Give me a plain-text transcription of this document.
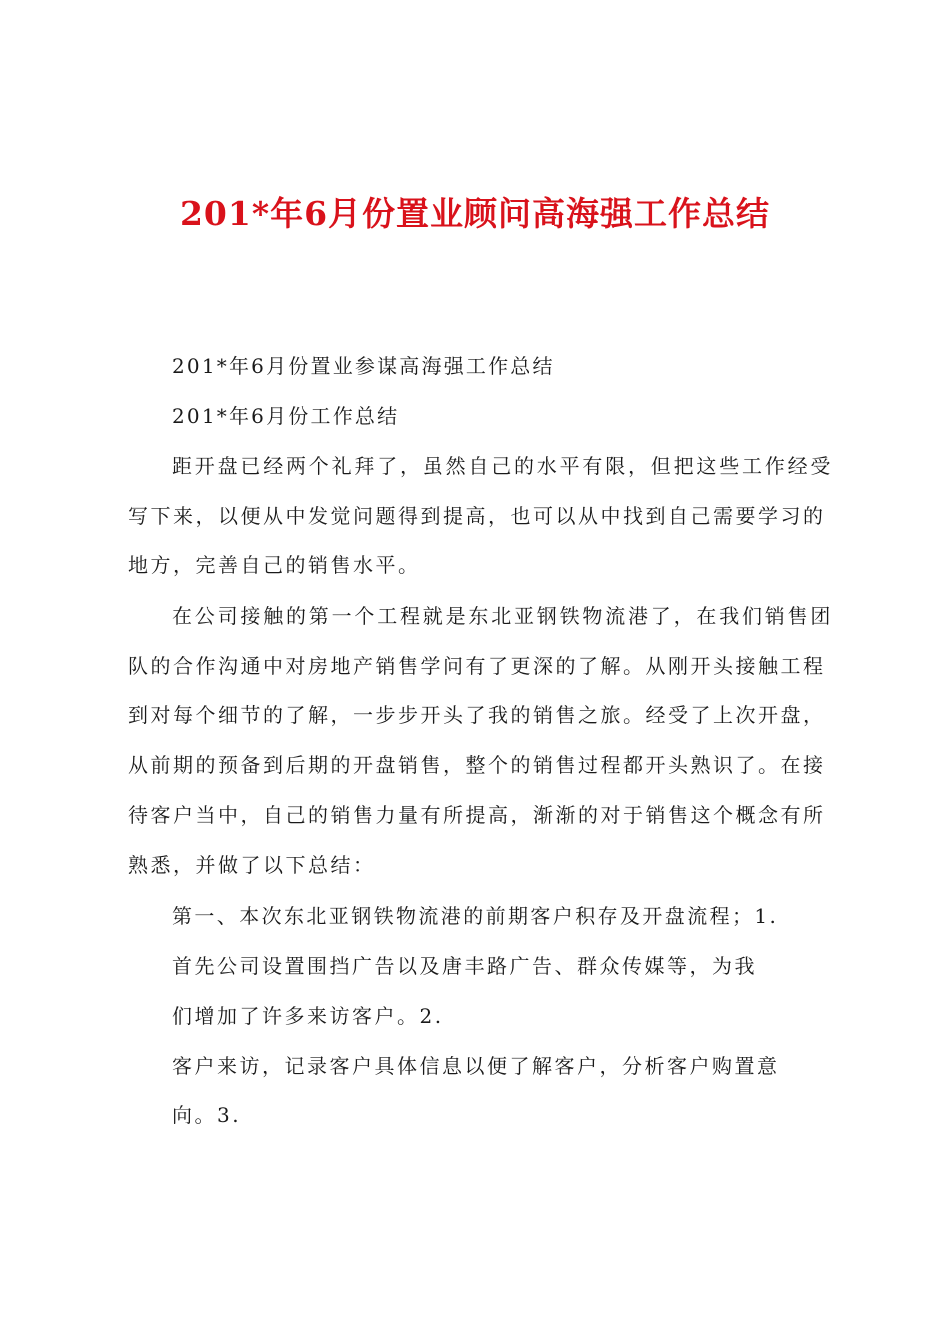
201*年6月份置业顾问高海强工作总结
201*年6月份置业参谋高海强工作总结
201*年6月份工作总结
距开盘已经两个礼拜了，虽然自己的水平有限，但把这些工作经受
写下来，以便从中发觉问题得到提高，也可以从中找到自己需要学习的
地方，完善自己的销售水平。
在公司接触的第一个工程就是东北亚钢铁物流港了，在我们销售团
队的合作沟通中对房地产销售学问有了更深的了解。从刚开头接触工程
到对每个细节的了解，一步步开头了我的销售之旅。经受了上次开盘，
从前期的预备到后期的开盘销售，整个的销售过程都开头熟识了。在接
待客户当中，自己的销售力量有所提高，渐渐的对于销售这个概念有所
熟悉，并做了以下总结：
第一、本次东北亚钢铁物流港的前期客户积存及开盘流程；1.
首先公司设置围挡广告以及唐丰路广告、群众传媒等，为我
们增加了许多来访客户。2.
客户来访，记录客户具体信息以便了解客户，分析客户购置意
向。3.
